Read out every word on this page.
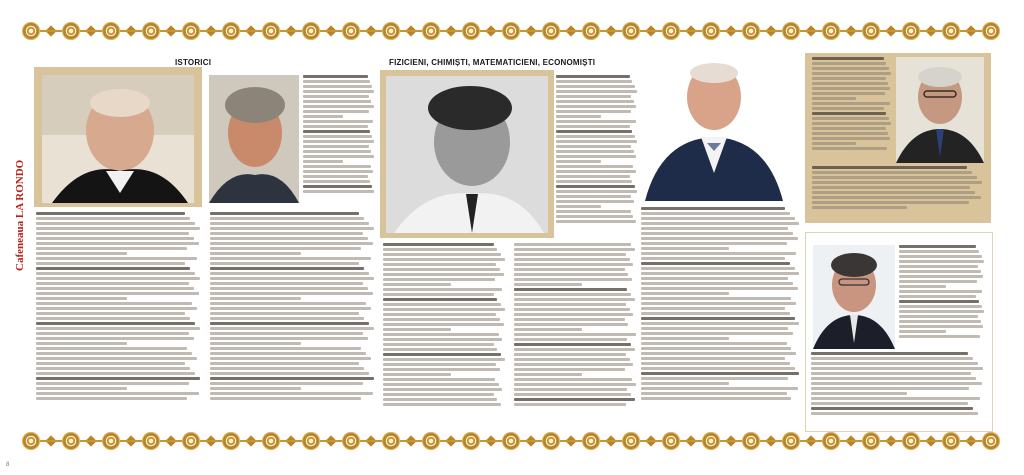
ISTORICI	FIZICIENI, CHIMIȘTI, MATEMATICIENI, ECONOMIȘTI
Cafeneaua LA RONDO
8
